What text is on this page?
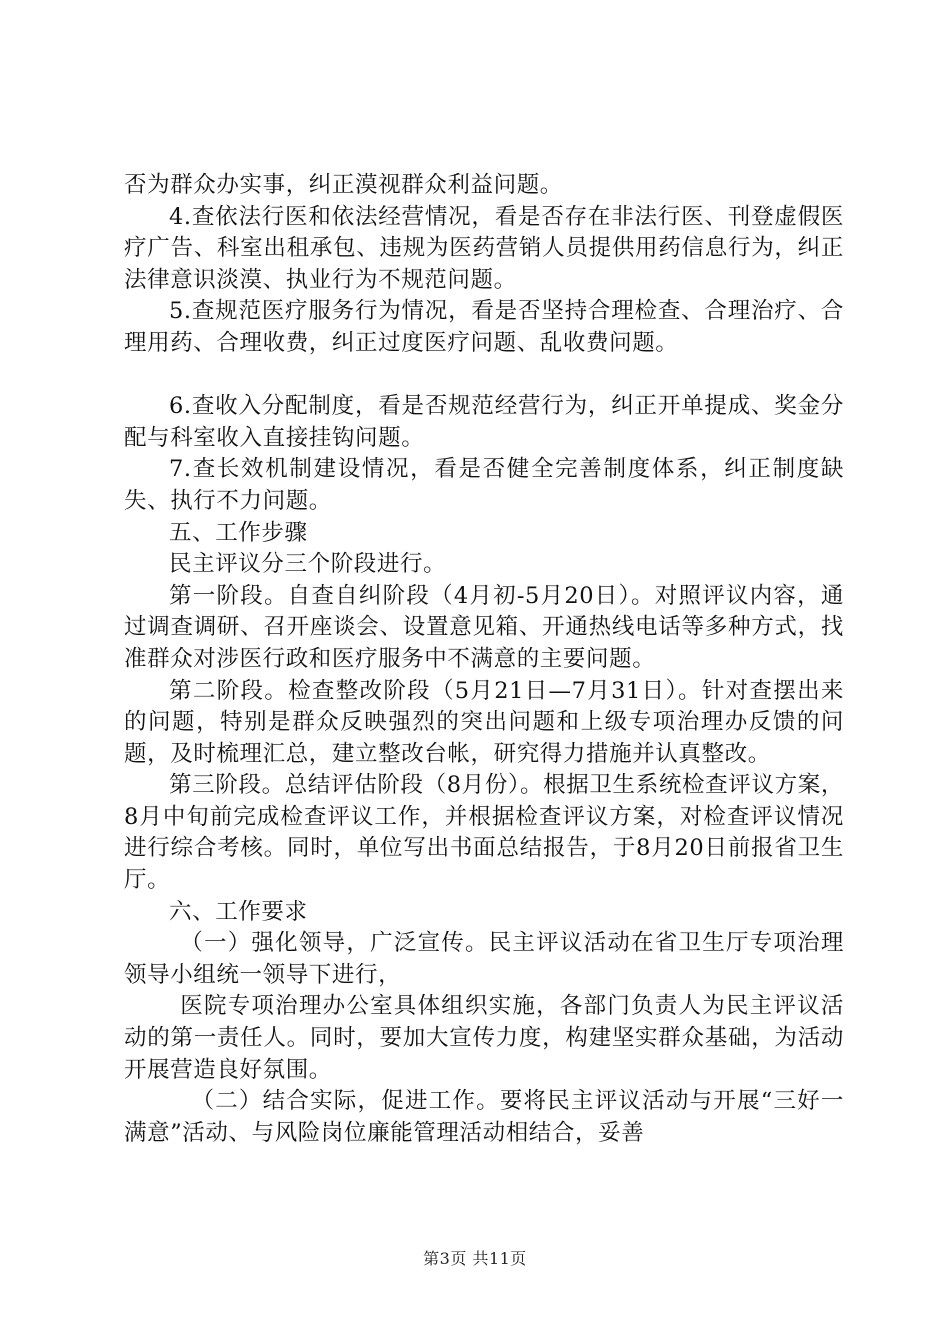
否为群众办实事，纠正漠视群众利益问题。

4.查依法行医和依法经营情况，看是否存在非法行医、刊登虚假医疗广告、科室出租承包、违规为医药营销人员提供用药信息行为，纠正法律意识淡漠、执业行为不规范问题。

5.查规范医疗服务行为情况，看是否坚持合理检查、合理治疗、合理用药、合理收费，纠正过度医疗问题、乱收费问题。

6.查收入分配制度，看是否规范经营行为，纠正开单提成、奖金分配与科室收入直接挂钩问题。

7.查长效机制建设情况，看是否健全完善制度体系，纠正制度缺失、执行不力问题。

五、工作步骤

民主评议分三个阶段进行。

第一阶段。自查自纠阶段（4月初-5月20日）。对照评议内容，通过调查调研、召开座谈会、设置意见箱、开通热线电话等多种方式，找准群众对涉医行政和医疗服务中不满意的主要问题。

第二阶段。检查整改阶段（5月21日—7月31日）。针对查摆出来的问题，特别是群众反映强烈的突出问题和上级专项治理办反馈的问题，及时梳理汇总，建立整改台帐，研究得力措施并认真整改。

第三阶段。总结评估阶段（8月份）。根据卫生系统检查评议方案，8月中旬前完成检查评议工作，并根据检查评议方案，对检查评议情况进行综合考核。同时，单位写出书面总结报告，于8月20日前报省卫生厅。

六、工作要求

（一）强化领导，广泛宣传。民主评议活动在省卫生厅专项治理领导小组统一领导下进行，

医院专项治理办公室具体组织实施，各部门负责人为民主评议活动的第一责任人。同时，要加大宣传力度，构建坚实群众基础，为活动开展营造良好氛围。

（二）结合实际，促进工作。要将民主评议活动与开展“三好一满意”活动、与风险岗位廉能管理活动相结合，妥善

第3页 共11页
